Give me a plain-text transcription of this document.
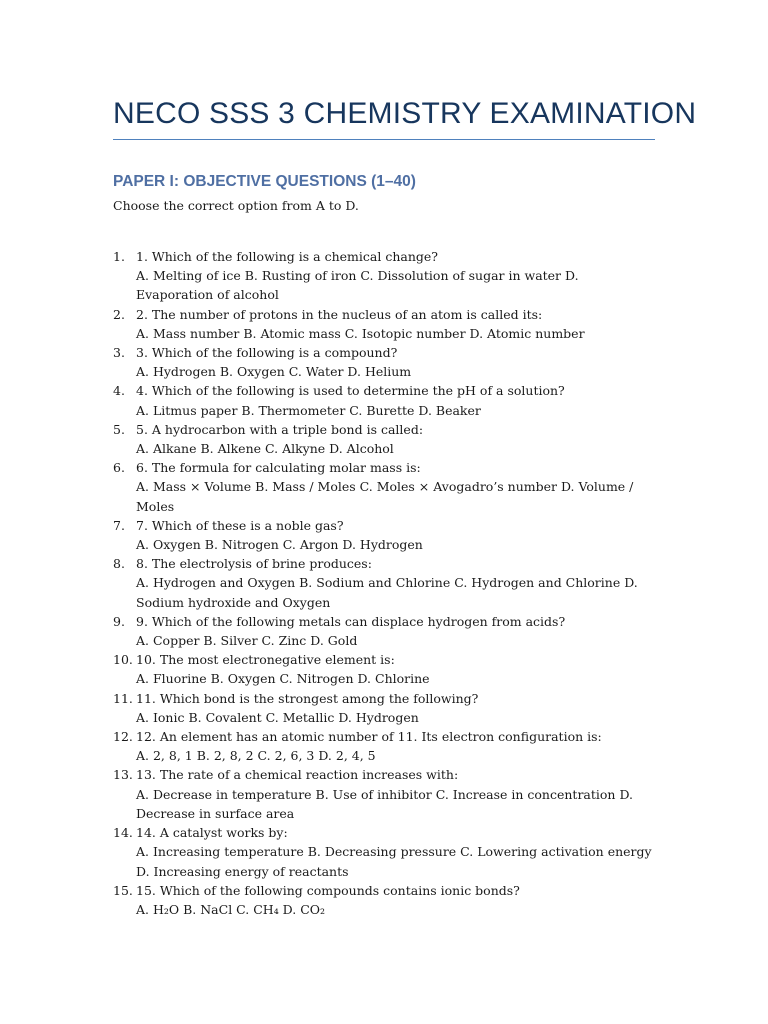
NECO SSS 3 CHEMISTRY EXAMINATION
PAPER I: OBJECTIVE QUESTIONS (1–40)
Choose the correct option from A to D.
1. 1. Which of the following is a chemical change?
A. Melting of ice B. Rusting of iron C. Dissolution of sugar in water D. Evaporation of alcohol
2. 2. The number of protons in the nucleus of an atom is called its:
A. Mass number B. Atomic mass C. Isotopic number D. Atomic number
3. 3. Which of the following is a compound?
A. Hydrogen B. Oxygen C. Water D. Helium
4. 4. Which of the following is used to determine the pH of a solution?
A. Litmus paper B. Thermometer C. Burette D. Beaker
5. 5. A hydrocarbon with a triple bond is called:
A. Alkane B. Alkene C. Alkyne D. Alcohol
6. 6. The formula for calculating molar mass is:
A. Mass × Volume B. Mass / Moles C. Moles × Avogadro’s number D. Volume / Moles
7. 7. Which of these is a noble gas?
A. Oxygen B. Nitrogen C. Argon D. Hydrogen
8. 8. The electrolysis of brine produces:
A. Hydrogen and Oxygen B. Sodium and Chlorine C. Hydrogen and Chlorine D. Sodium hydroxide and Oxygen
9. 9. Which of the following metals can displace hydrogen from acids?
A. Copper B. Silver C. Zinc D. Gold
10. 10. The most electronegative element is:
A. Fluorine B. Oxygen C. Nitrogen D. Chlorine
11. 11. Which bond is the strongest among the following?
A. Ionic B. Covalent C. Metallic D. Hydrogen
12. 12. An element has an atomic number of 11. Its electron configuration is:
A. 2, 8, 1 B. 2, 8, 2 C. 2, 6, 3 D. 2, 4, 5
13. 13. The rate of a chemical reaction increases with:
A. Decrease in temperature B. Use of inhibitor C. Increase in concentration D. Decrease in surface area
14. 14. A catalyst works by:
A. Increasing temperature B. Decreasing pressure C. Lowering activation energy D. Increasing energy of reactants
15. 15. Which of the following compounds contains ionic bonds?
A. H₂O B. NaCl C. CH₄ D. CO₂
